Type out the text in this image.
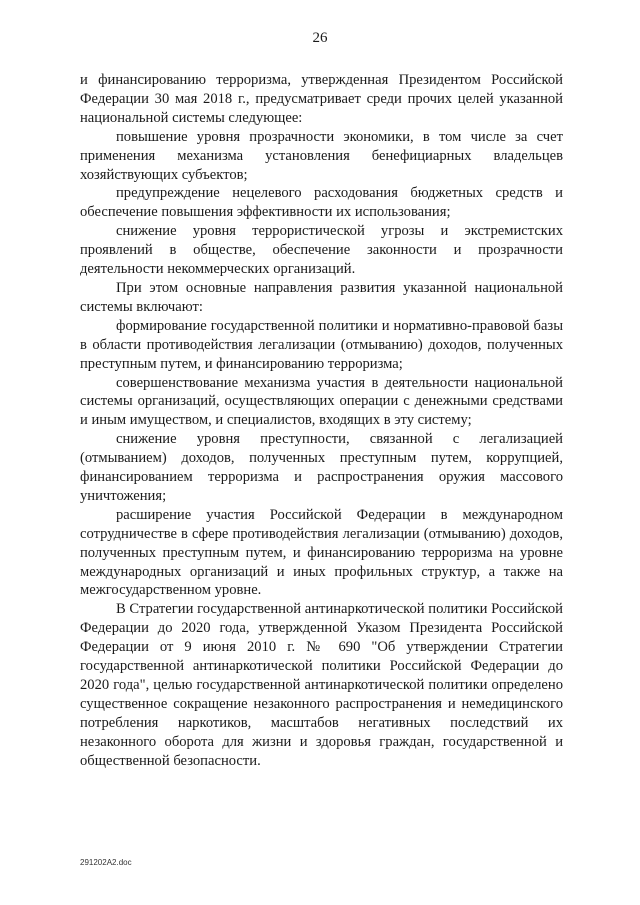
26

и финансированию терроризма, утвержденная Президентом Российской Федерации 30 мая 2018 г., предусматривает среди прочих целей указанной национальной системы следующее:

повышение уровня прозрачности экономики, в том числе за счет применения механизма установления бенефициарных владельцев хозяйствующих субъектов;

предупреждение нецелевого расходования бюджетных средств и обеспечение повышения эффективности их использования;

снижение уровня террористической угрозы и экстремистских проявлений в обществе, обеспечение законности и прозрачности деятельности некоммерческих организаций.

При этом основные направления развития указанной национальной системы включают:

формирование государственной политики и нормативно-правовой базы в области противодействия легализации (отмыванию) доходов, полученных преступным путем, и финансированию терроризма;

совершенствование механизма участия в деятельности национальной системы организаций, осуществляющих операции с денежными средствами и иным имуществом, и специалистов, входящих в эту систему;

снижение уровня преступности, связанной с легализацией (отмыванием) доходов, полученных преступным путем, коррупцией, финансированием терроризма и распространения оружия массового уничтожения;

расширение участия Российской Федерации в международном сотрудничестве в сфере противодействия легализации (отмыванию) доходов, полученных преступным путем, и финансированию терроризма на уровне международных организаций и иных профильных структур, а также на межгосударственном уровне.

В Стратегии государственной антинаркотической политики Российской Федерации до 2020 года, утвержденной Указом Президента Российской Федерации от 9 июня 2010 г. № 690 "Об утверждении Стратегии государственной антинаркотической политики Российской Федерации до 2020 года", целью государственной антинаркотической политики определено существенное сокращение незаконного распространения и немедицинского потребления наркотиков, масштабов негативных последствий их незаконного оборота для жизни и здоровья граждан, государственной и общественной безопасности.

291202A2.doc
